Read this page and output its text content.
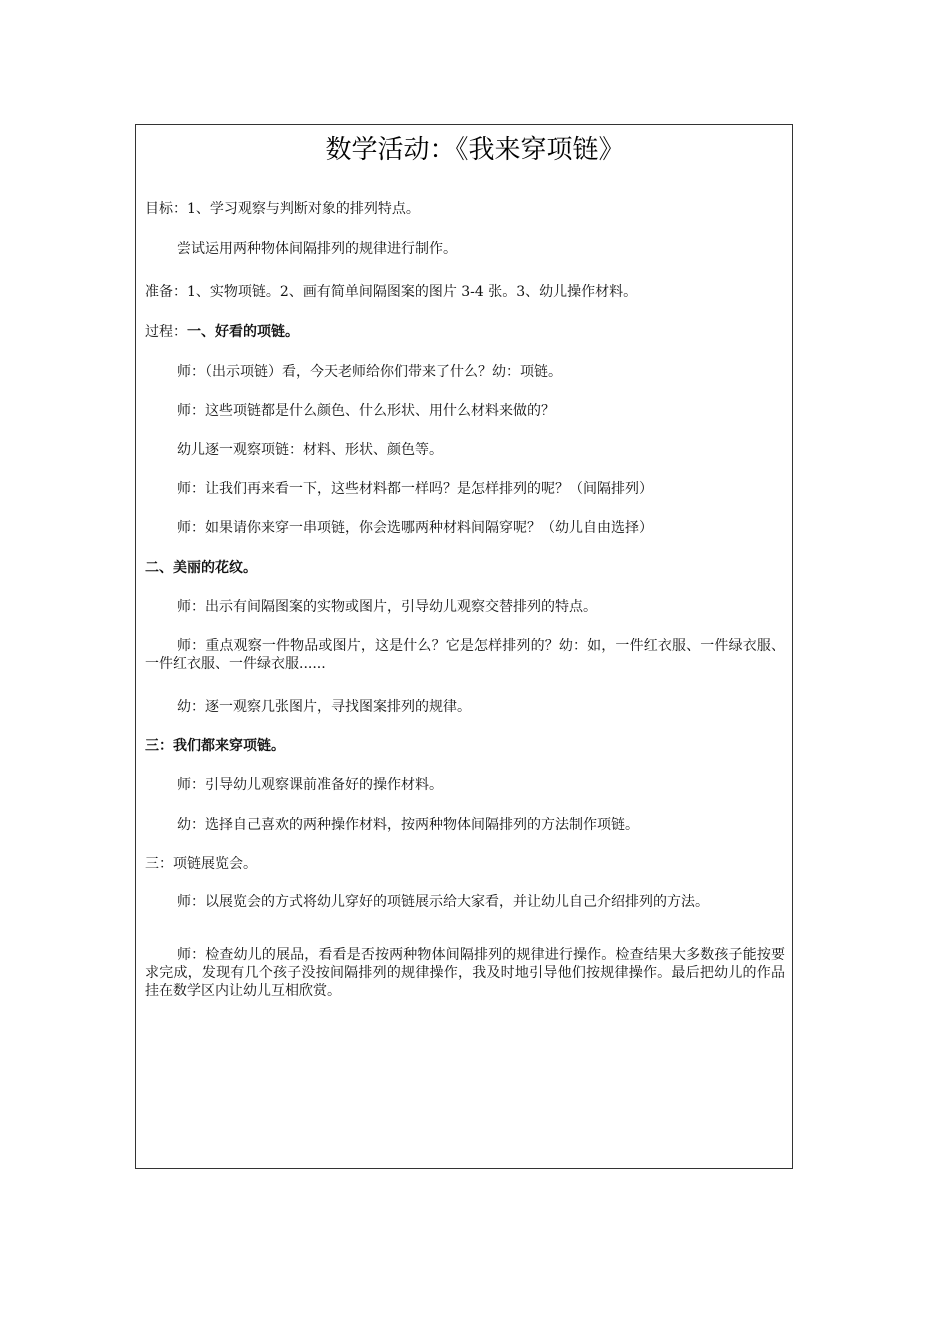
数学活动：《我来穿项链》
目标：1、学习观察与判断对象的排列特点。
尝试运用两种物体间隔排列的规律进行制作。
准备：1、实物项链。2、画有简单间隔图案的图片 3-4 张。3、幼儿操作材料。
过程：一、好看的项链。
师：（出示项链）看，今天老师给你们带来了什么？幼：项链。
师：这些项链都是什么颜色、什么形状、用什么材料来做的？
幼儿逐一观察项链：材料、形状、颜色等。
师：让我们再来看一下，这些材料都一样吗？是怎样排列的呢？（间隔排列）
师：如果请你来穿一串项链，你会选哪两种材料间隔穿呢？（幼儿自由选择）
二、美丽的花纹。
师：出示有间隔图案的实物或图片，引导幼儿观察交替排列的特点。
师：重点观察一件物品或图片，这是什么？它是怎样排列的？幼：如，一件红衣服、一件绿衣服、一件红衣服、一件绿衣服......
幼：逐一观察几张图片，寻找图案排列的规律。
三：我们都来穿项链。
师：引导幼儿观察课前准备好的操作材料。
幼：选择自己喜欢的两种操作材料，按两种物体间隔排列的方法制作项链。
三：项链展览会。
师：以展览会的方式将幼儿穿好的项链展示给大家看，并让幼儿自己介绍排列的方法。
师：检查幼儿的展品，看看是否按两种物体间隔排列的规律进行操作。检查结果大多数孩子能按要求完成，发现有几个孩子没按间隔排列的规律操作，我及时地引导他们按规律操作。最后把幼儿的作品挂在数学区内让幼儿互相欣赏。
